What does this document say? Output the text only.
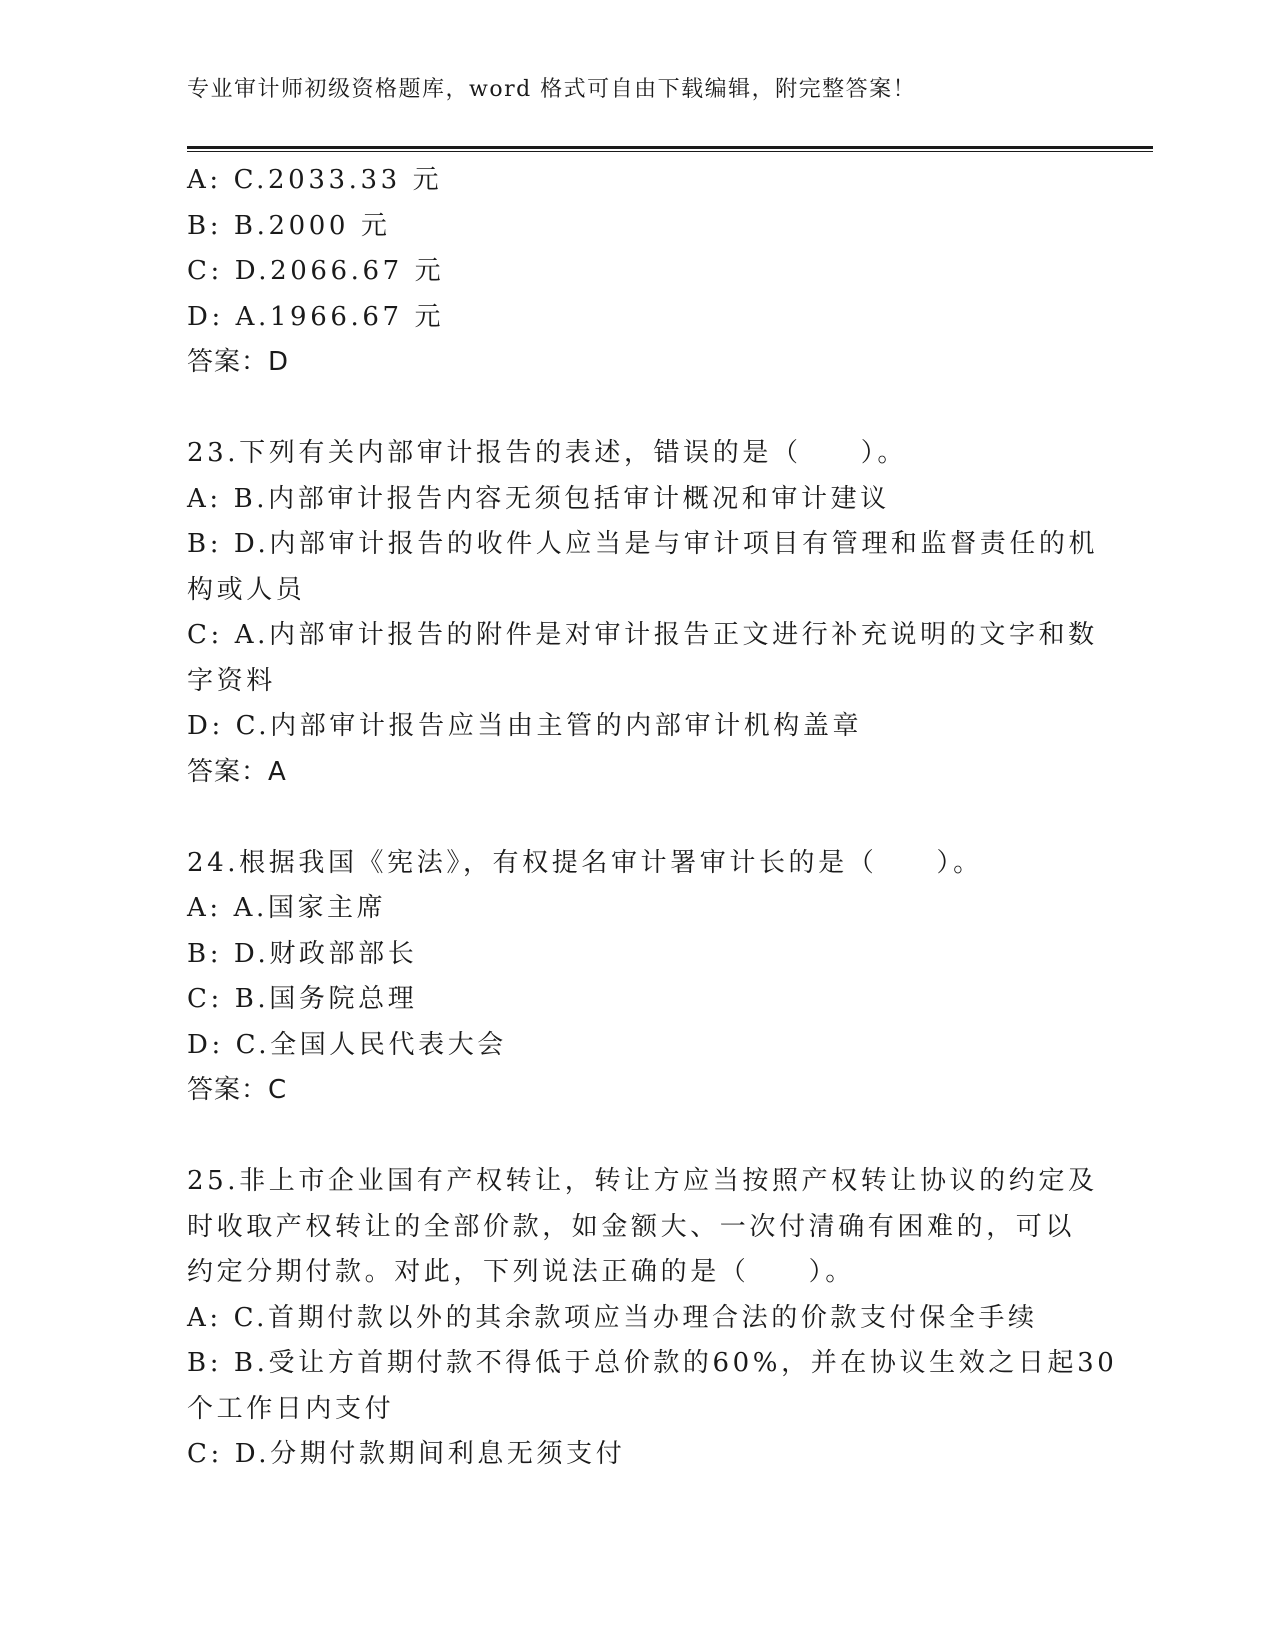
专业审计师初级资格题库，word 格式可自由下载编辑，附完整答案！
A: C.2033.33 元
B: B.2000 元
C: D.2066.67 元
D: A.1966.67 元
答案：D
23.下列有关内部审计报告的表述，错误的是（　　）。
A: B.内部审计报告内容无须包括审计概况和审计建议
B: D.内部审计报告的收件人应当是与审计项目有管理和监督责任的机
构或人员
C: A.内部审计报告的附件是对审计报告正文进行补充说明的文字和数
字资料
D: C.内部审计报告应当由主管的内部审计机构盖章
答案：A
24.根据我国《宪法》，有权提名审计署审计长的是（　　）。
A: A.国家主席
B: D.财政部部长
C: B.国务院总理
D: C.全国人民代表大会
答案：C
25.非上市企业国有产权转让，转让方应当按照产权转让协议的约定及
时收取产权转让的全部价款，如金额大、一次付清确有困难的，可以
约定分期付款。对此，下列说法正确的是（　　）。
A: C.首期付款以外的其余款项应当办理合法的价款支付保全手续
B: B.受让方首期付款不得低于总价款的60%，并在协议生效之日起30
个工作日内支付
C: D.分期付款期间利息无须支付
